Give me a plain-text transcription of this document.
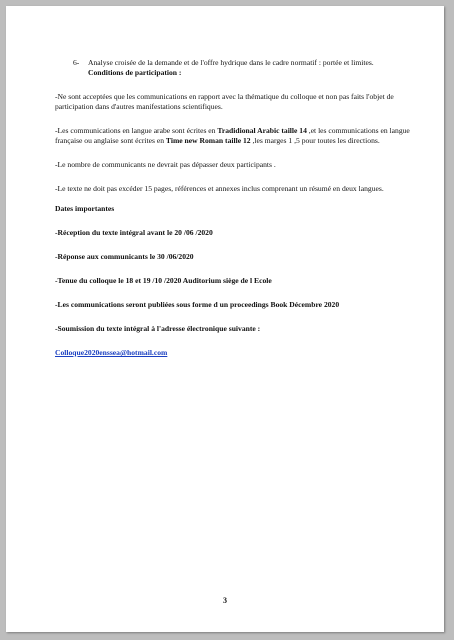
6-	Analyse croisée de la demande et de l'offre hydrique dans le cadre normatif : portée et limites.
Conditions de participation :

-Ne sont acceptées que les communications en rapport avec la thématique du colloque et non pas faits l'objet de participation dans d'autres manifestations scientifiques.

-Les communications en langue arabe sont écrites en Tradidional Arabic taille 14 ,et les communications en langue française ou anglaise sont écrites en Time new Roman taille 12 ,les marges 1 ,5 pour toutes les directions.

-Le nombre de communicants ne devrait pas dépasser deux participants .

-Le texte ne doit pas excéder 15 pages, références et annexes inclus comprenant un résumé en deux langues.

Dates importantes

-Réception du texte intégral avant le 20 /06 /2020

-Réponse aux communicants le 30 /06/2020

-Tenue du colloque le 18 et 19 /10 /2020 Auditorium siège de l Ecole

-Les communications seront publiées sous forme d un proceedings Book Décembre 2020

-Soumission du texte intégral à l'adresse électronique suivante :

Colloque2020enssea@hotmail.com

3
